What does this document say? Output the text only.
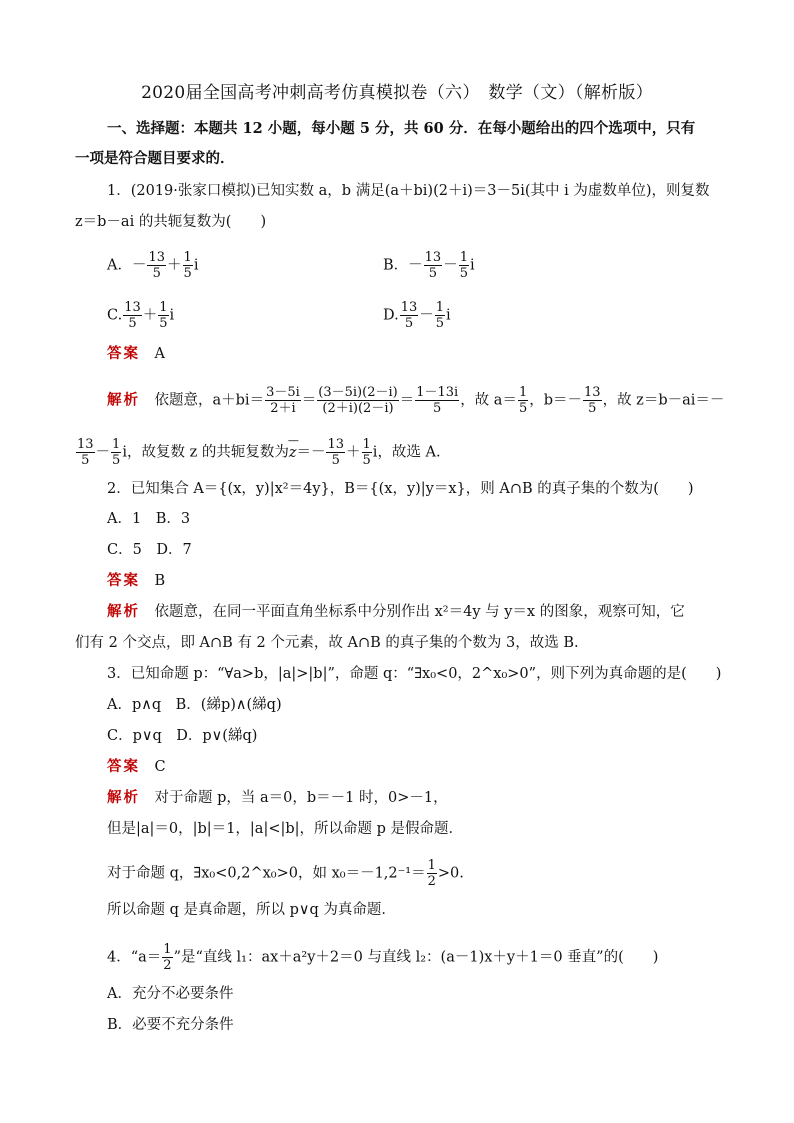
2020届全国高考冲刺高考仿真模拟卷（六）　数学（文）（解析版）
一、选择题：本题共 12 小题，每小题 5 分，共 60 分．在每小题给出的四个选项中，只有
一项是符合题目要求的．
1．(2019·张家口模拟)已知实数 a，b 满足(a＋bi)(2＋i)＝3－5i(其中 i 为虚数单位)，则复数
z＝b－ai 的共轭复数为(　　)
A．－ $\frac{13}{5} + \frac{1}{5}$ i	B．－ $\frac{13}{5} - \frac{1}{5}$ i
C. $\frac{13}{5} + \frac{1}{5}$ i	D. $\frac{13}{5} - \frac{1}{5}$ i
答案　 A
解析　 依题意，$a+bi= \frac{3-5i}{2+i} = \frac{(3-5i)(2-i)}{(2+i)(2-i)} = \frac{1-13i}{5}$ ，故 $a= \frac{1}{5}$ ，$b=- \frac{13}{5}$ ，故 z＝b－ai＝－
$\frac{13}{5} - \frac{1}{5}$ i，故复数 z 的共轭复数为— $z=- \frac{13}{5} + \frac{1}{5}$ i，故选 A.
2．已知集合 A＝{(x，y)|x²＝4y}，B＝{(x，y)|y＝x}，则 A∩B 的真子集的个数为(　　)
A．1　B．3
C．5　D．7
答案　 B
解析　 依题意，在同一平面直角坐标系中分别作出 x²＝4y 与 y＝x 的图象，观察可知，它
们有 2 个交点，即 A∩B 有 2 个元素，故 A∩B 的真子集的个数为 3，故选 B.
3．已知命题 p：“∀a>b，|a|>|b|”，命题 q：“∃x₀<0，2^x₀>0”，则下列为真命题的是(　　)
A．p∧q　B．(綈p)∧(綈q)
C．p∨q　D．p∨(綈q)
答案　 C
解析　 对于命题 p，当 a＝0，b＝－1 时，0>－1，
但是|a|＝0，|b|＝1，|a|<|b|，所以命题 p 是假命题．
对于命题 q，∃x₀<0,2^x₀>0，如 $x_0=-1,2^{-1}= \frac{1}{2} >0$.
所以命题 q 是真命题，所以 p∨q 为真命题．
4．“$a= \frac{1}{2}$ ”是“直线 l₁：ax＋a²y＋2＝0 与直线 l₂：(a－1)x＋y＋1＝0 垂直”的(　　)
A．充分不必要条件
B．必要不充分条件
